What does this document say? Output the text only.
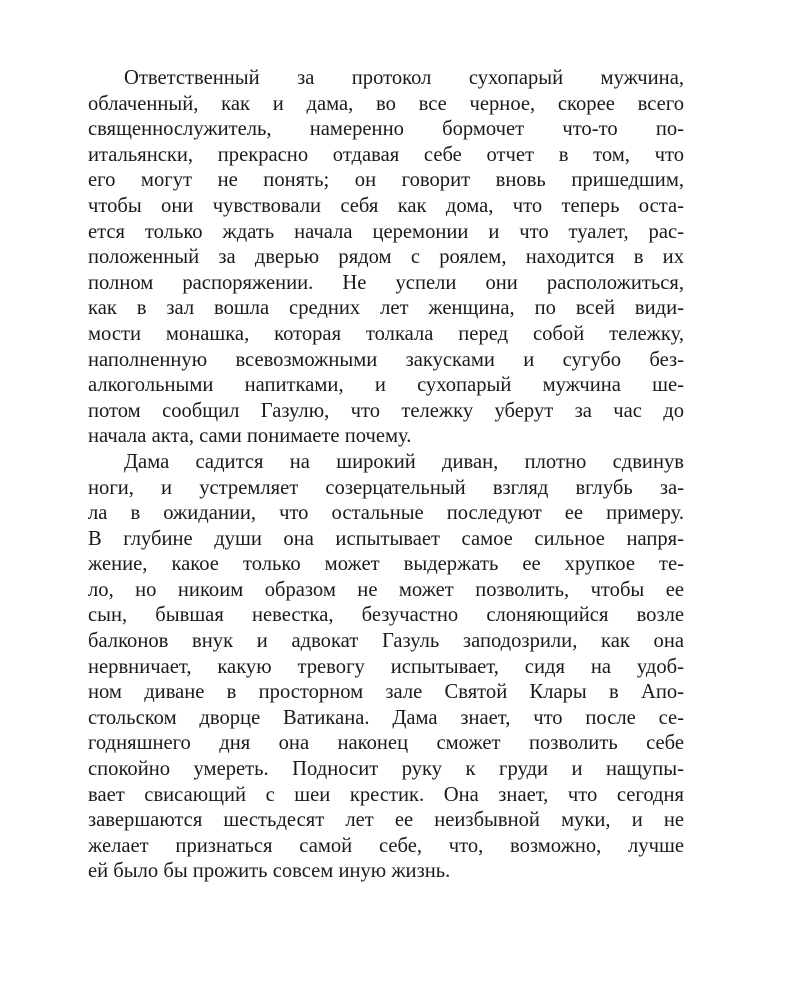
Ответственный за протокол сухопарый мужчина,
облаченный, как и дама, во все черное, скорее всего
священнослужитель, намеренно бормочет что-то по-
итальянски, прекрасно отдавая себе отчет в том, что
его могут не понять; он говорит вновь пришедшим,
чтобы они чувствовали себя как дома, что теперь оста-
ется только ждать начала церемонии и что туалет, рас-
положенный за дверью рядом с роялем, находится в их
полном распоряжении. Не успели они расположиться,
как в зал вошла средних лет женщина, по всей види-
мости монашка, которая толкала перед собой тележку,
наполненную всевозможными закусками и сугубо без-
алкогольными напитками, и сухопарый мужчина ше-
потом сообщил Газулю, что тележку уберут за час до
начала акта, сами понимаете почему.
Дама садится на широкий диван, плотно сдвинув
ноги, и устремляет созерцательный взгляд вглубь за-
ла в ожидании, что остальные последуют ее примеру.
В глубине души она испытывает самое сильное напря-
жение, какое только может выдержать ее хрупкое те-
ло, но никоим образом не может позволить, чтобы ее
сын, бывшая невестка, безучастно слоняющийся возле
балконов внук и адвокат Газуль заподозрили, как она
нервничает, какую тревогу испытывает, сидя на удоб-
ном диване в просторном зале Святой Клары в Апо-
стольском дворце Ватикана. Дама знает, что после се-
годняшнего дня она наконец сможет позволить себе
спокойно умереть. Подносит руку к груди и нащупы-
вает свисающий с шеи крестик. Она знает, что сегодня
завершаются шестьдесят лет ее неизбывной муки, и не
желает признаться самой себе, что, возможно, лучше
ей было бы прожить совсем иную жизнь.
